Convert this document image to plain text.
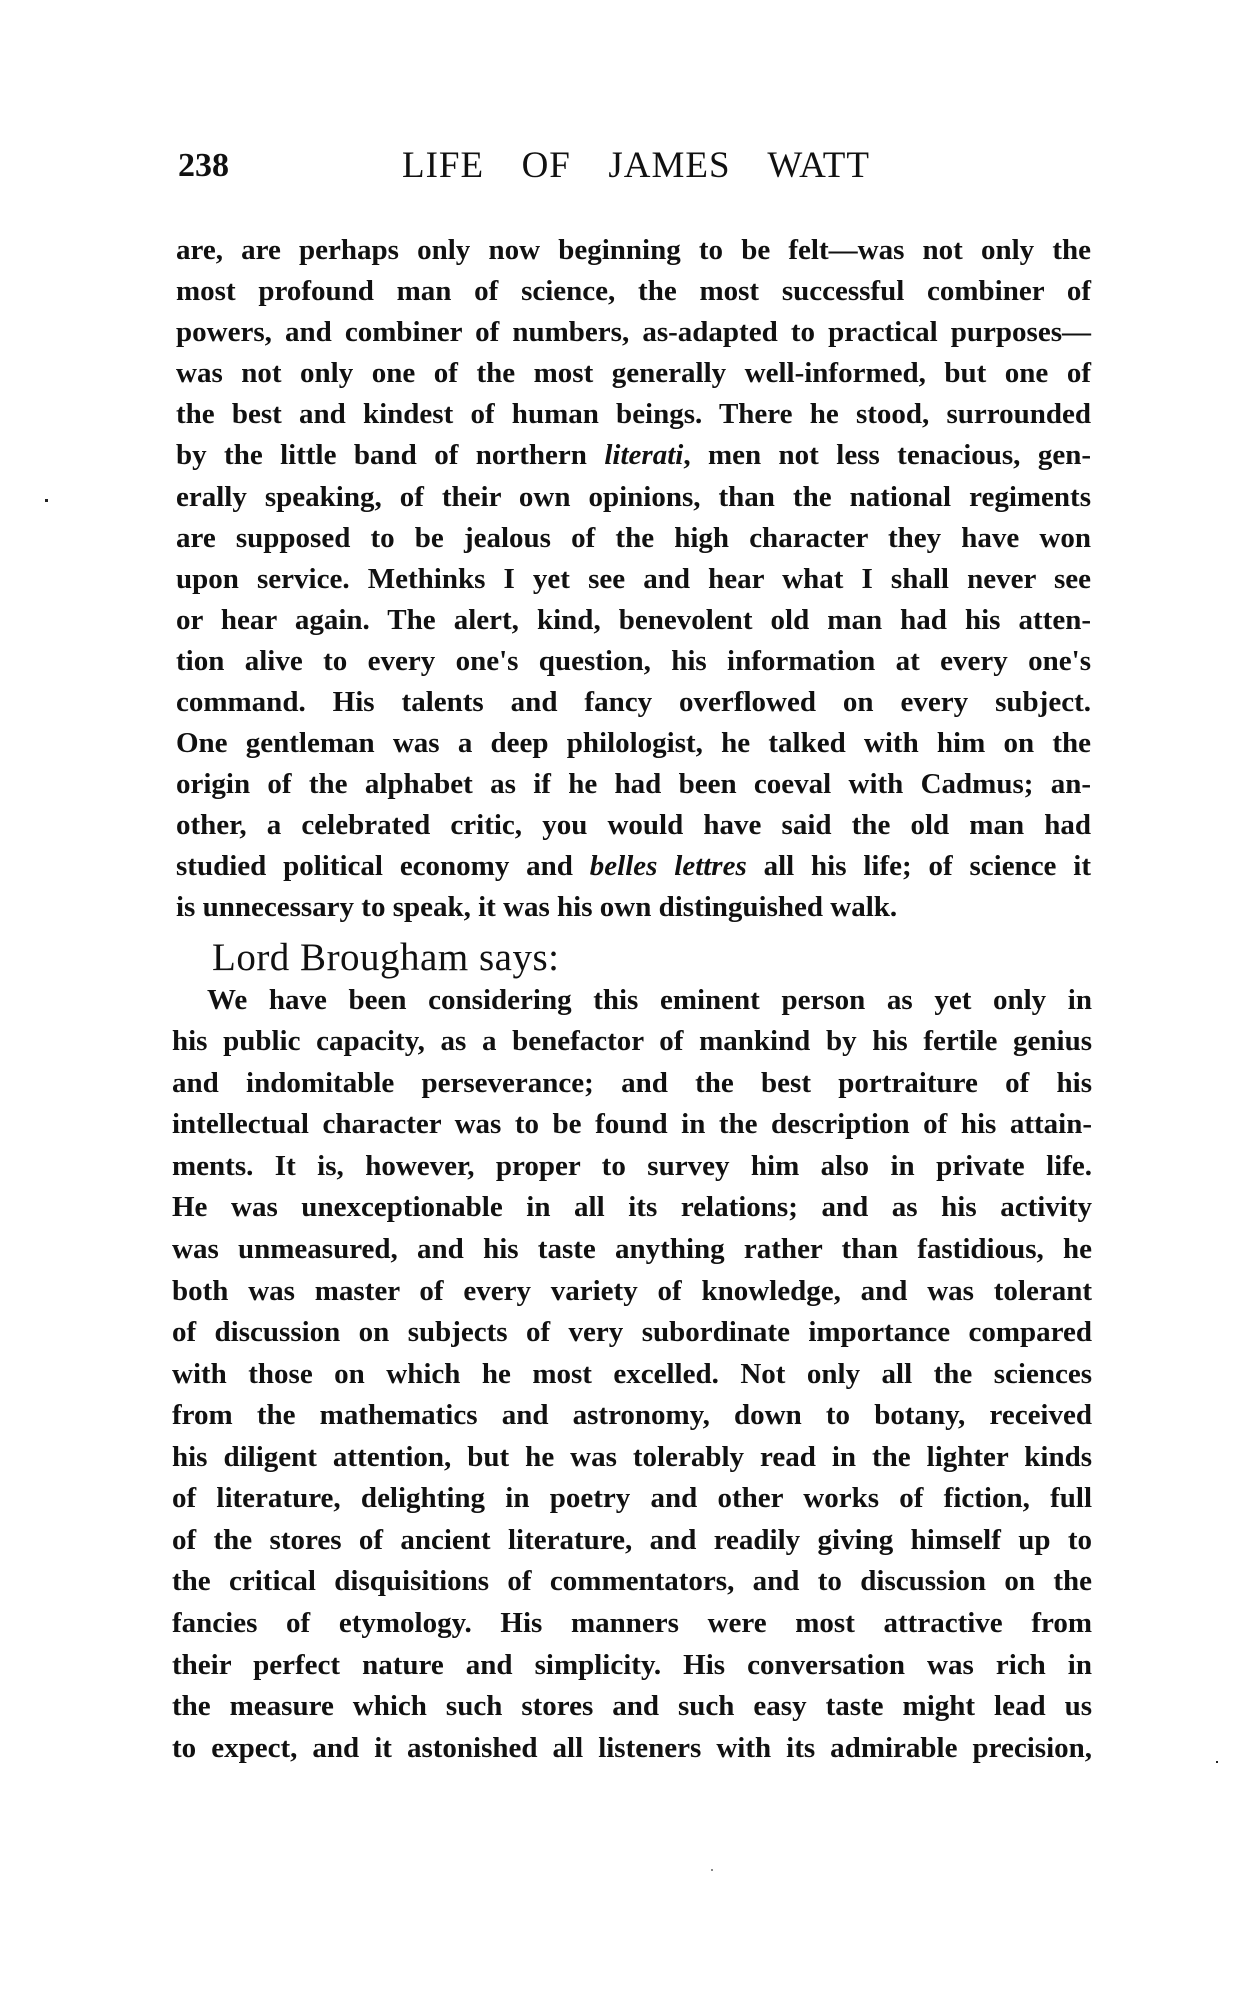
238	LIFE OF JAMES WATT
are, are perhaps only now beginning to be felt—was not only the
most profound man of science, the most successful combiner of
powers, and combiner of numbers, as-adapted to practical purposes—
was not only one of the most generally well-informed, but one of
the best and kindest of human beings. There he stood, surrounded
by the little band of northern literati, men not less tenacious, gen-
erally speaking, of their own opinions, than the national regiments
are supposed to be jealous of the high character they have won
upon service. Methinks I yet see and hear what I shall never see
or hear again. The alert, kind, benevolent old man had his atten-
tion alive to every one's question, his information at every one's
command. His talents and fancy overflowed on every subject.
One gentleman was a deep philologist, he talked with him on the
origin of the alphabet as if he had been coeval with Cadmus; an-
other, a celebrated critic, you would have said the old man had
studied political economy and belles lettres all his life; of science it
is unnecessary to speak, it was his own distinguished walk.
Lord Brougham says:
We have been considering this eminent person as yet only in
his public capacity, as a benefactor of mankind by his fertile genius
and indomitable perseverance; and the best portraiture of his
intellectual character was to be found in the description of his attain-
ments. It is, however, proper to survey him also in private life.
He was unexceptionable in all its relations; and as his activity
was unmeasured, and his taste anything rather than fastidious, he
both was master of every variety of knowledge, and was tolerant
of discussion on subjects of very subordinate importance compared
with those on which he most excelled. Not only all the sciences
from the mathematics and astronomy, down to botany, received
his diligent attention, but he was tolerably read in the lighter kinds
of literature, delighting in poetry and other works of fiction, full
of the stores of ancient literature, and readily giving himself up to
the critical disquisitions of commentators, and to discussion on the
fancies of etymology. His manners were most attractive from
their perfect nature and simplicity. His conversation was rich in
the measure which such stores and such easy taste might lead us
to expect, and it astonished all listeners with its admirable precision,
